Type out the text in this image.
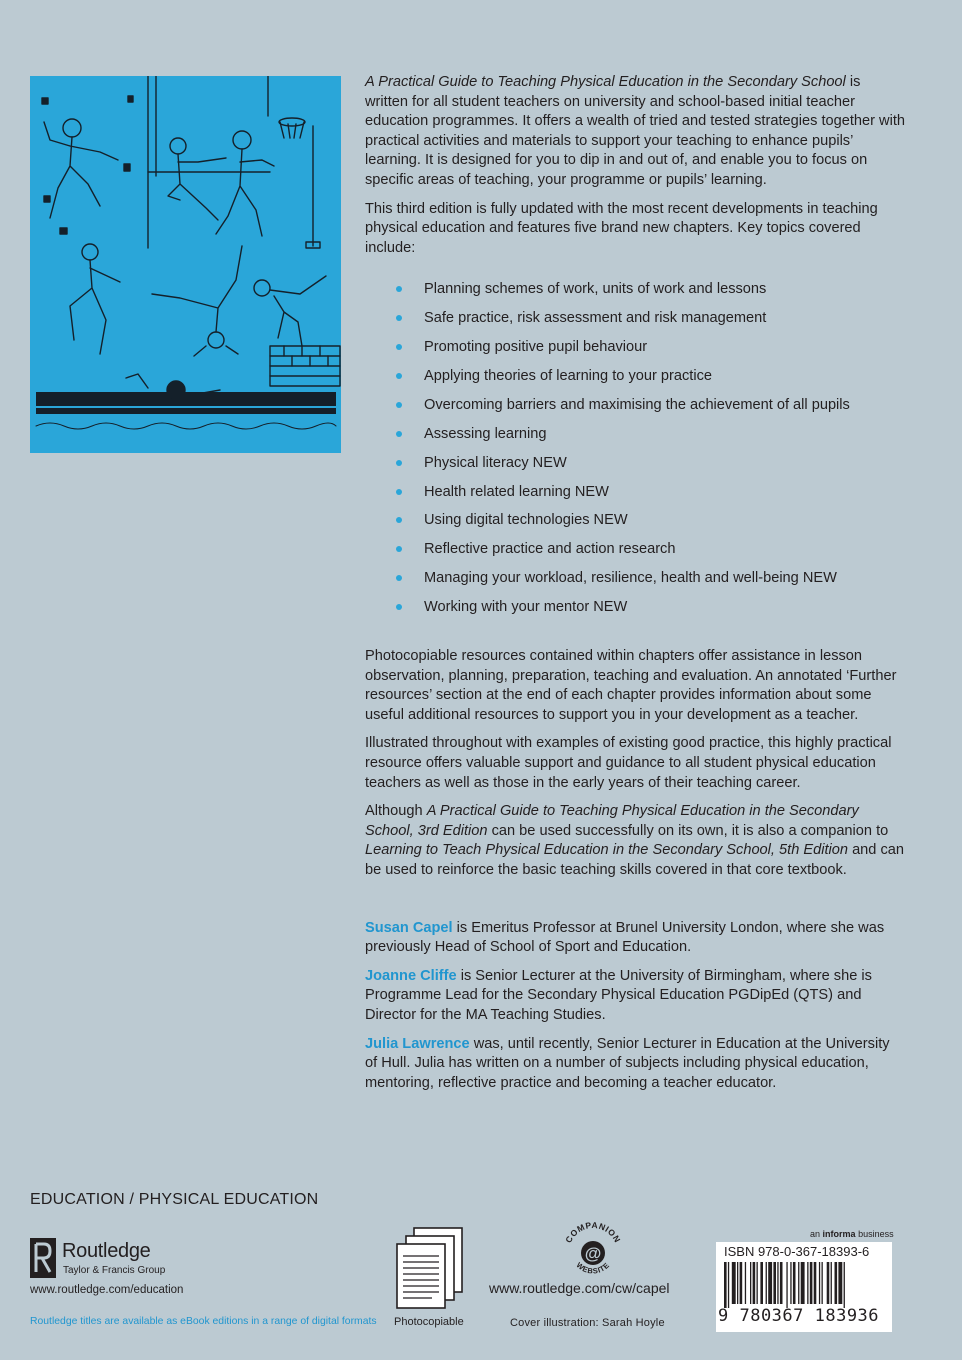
A Practical Guide to Teaching Physical Education in the Secondary School is written for all student teachers on university and school-based initial teacher education programmes. It offers a wealth of tried and tested strategies together with practical activities and materials to support your teaching to enhance pupils’ learning. It is designed for you to dip in and out of, and enable you to focus on specific areas of teaching, your programme or pupils’ learning.

This third edition is fully updated with the most recent developments in teaching physical education and features five brand new chapters. Key topics covered include:

Planning schemes of work, units of work and lessons
Safe practice, risk assessment and risk management
Promoting positive pupil behaviour
Applying theories of learning to your practice
Overcoming barriers and maximising the achievement of all pupils
Assessing learning
Physical literacy NEW
Health related learning NEW
Using digital technologies NEW
Reflective practice and action research
Managing your workload, resilience, health and well-being NEW
Working with your mentor NEW

Photocopiable resources contained within chapters offer assistance in lesson observation, planning, preparation, teaching and evaluation. An annotated ‘Further resources’ section at the end of each chapter provides information about some useful additional resources to support you in your development as a teacher.

Illustrated throughout with examples of existing good practice, this highly practical resource offers valuable support and guidance to all student physical education teachers as well as those in the early years of their teaching career.

Although A Practical Guide to Teaching Physical Education in the Secondary School, 3rd Edition can be used successfully on its own, it is also a companion to Learning to Teach Physical Education in the Secondary School, 5th Edition and can be used to reinforce the basic teaching skills covered in that core textbook.

Susan Capel is Emeritus Professor at Brunel University London, where she was previously Head of School of Sport and Education.

Joanne Cliffe is Senior Lecturer at the University of Birmingham, where she is Programme Lead for the Secondary Physical Education PGDipEd (QTS) and Director for the MA Teaching Studies.

Julia Lawrence was, until recently, Senior Lecturer in Education at the University of Hull. Julia has written on a number of subjects including physical education, mentoring, reflective practice and becoming a teacher educator.

EDUCATION / PHYSICAL EDUCATION
Routledge
Taylor & Francis Group
www.routledge.com/education
Routledge titles are available as eBook editions in a range of digital formats Photocopiable
COMPANION
WEBSITE
@
www.routledge.com/cw/capel
Cover illustration: Sarah Hoyle
an informa business
ISBN 978-0-367-18393-6
9 780367 183936
